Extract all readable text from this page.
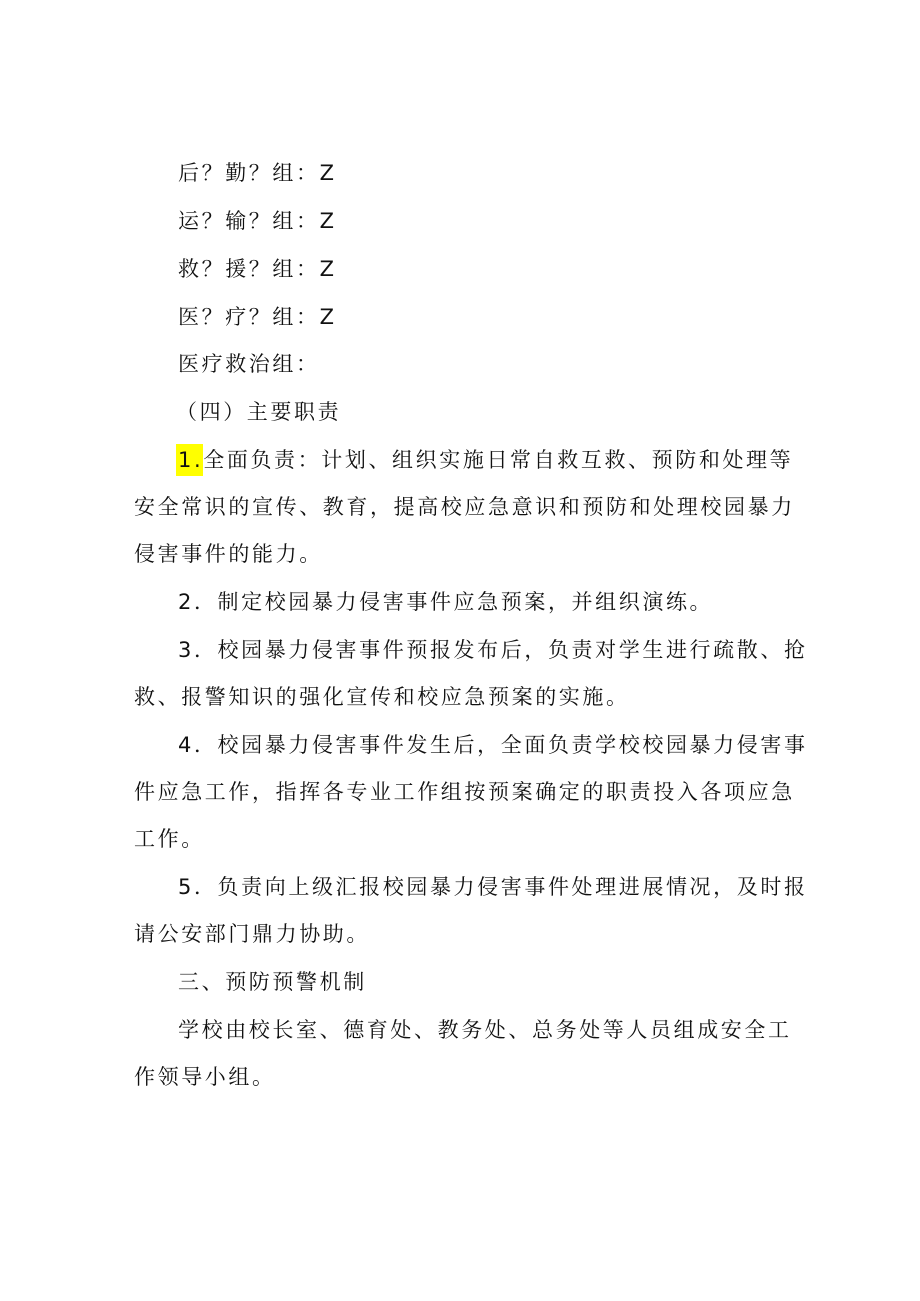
后？勤？组：Z
运？输？组：Z
救？援？组：Z
医？疗？组：Z
医疗救治组：
（四）主要职责
1.全面负责：计划、组织实施日常自救互救、预防和处理等
安全常识的宣传、教育，提高校应急意识和预防和处理校园暴力
侵害事件的能力。
2．制定校园暴力侵害事件应急预案，并组织演练。
3．校园暴力侵害事件预报发布后，负责对学生进行疏散、抢
救、报警知识的强化宣传和校应急预案的实施。
4．校园暴力侵害事件发生后，全面负责学校校园暴力侵害事
件应急工作，指挥各专业工作组按预案确定的职责投入各项应急
工作。
5．负责向上级汇报校园暴力侵害事件处理进展情况，及时报
请公安部门鼎力协助。
三、预防预警机制
学校由校长室、德育处、教务处、总务处等人员组成安全工
作领导小组。
